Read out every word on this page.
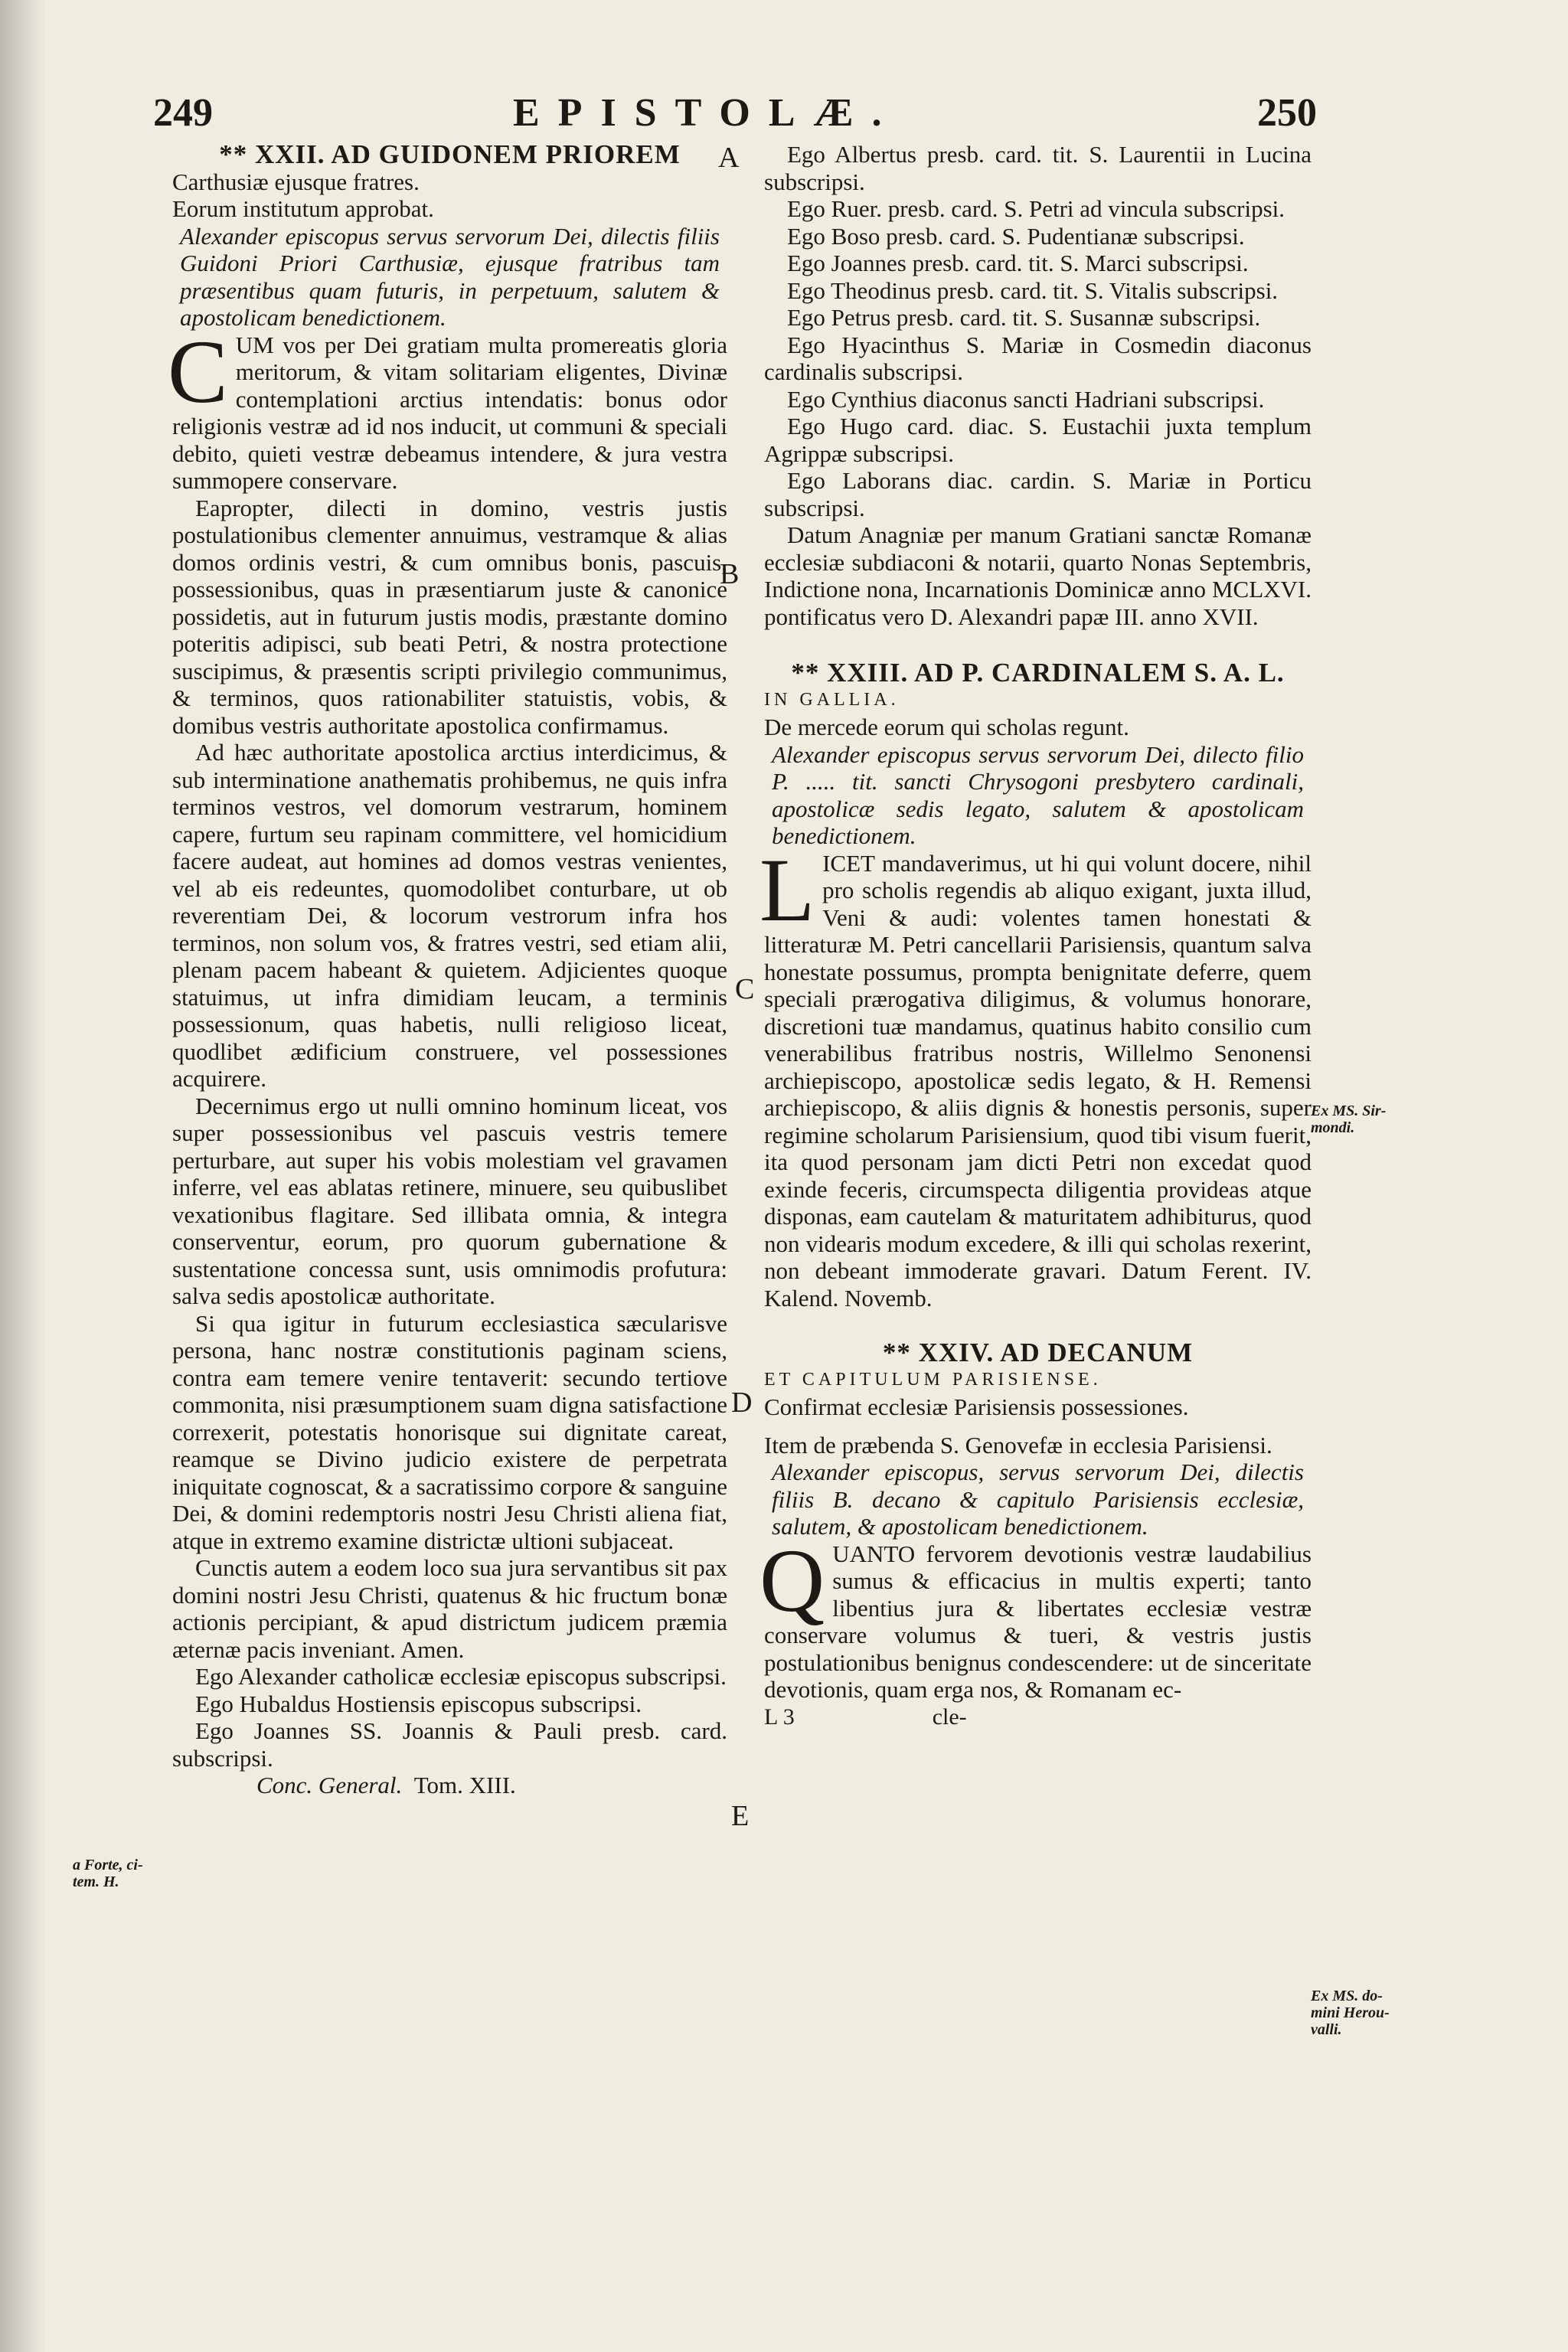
249	EPISTOLÆ.	250
A
B
C
D
E
a Forte, ci- tem. H.
Ex MS. Sir- mondi.
Ex MS. do- mini Herou- valli.

** XXII. AD GUIDONEM PRIOREM

Carthusiæ ejusque fratres.

Eorum institutum approbat.

Alexander episcopus servus servorum Dei, dilectis filiis Guidoni Priori Carthusiæ, ejusque fratribus tam præsentibus quam futuris, in perpetuum, salutem & apostolicam benedictionem.

CUM vos per Dei gratiam multa promereatis gloria meritorum, & vitam solitariam eligentes, Divinæ contemplationi arctius intendatis: bonus odor religionis vestræ ad id nos inducit, ut communi & speciali debito, quieti vestræ debeamus intendere, & jura vestra summopere conservare.

Eapropter, dilecti in domino, vestris justis postulationibus clementer annuimus, vestramque & alias domos ordinis vestri, & cum omnibus bonis, pascuis, possessionibus, quas in præsentiarum juste & canonice possidetis, aut in futurum justis modis, præstante domino poteritis adipisci, sub beati Petri, & nostra protectione suscipimus, & præsentis scripti privilegio communimus, & terminos, quos rationabiliter statuistis, vobis, & domibus vestris authoritate apostolica confirmamus.

Ad hæc authoritate apostolica arctius interdicimus, & sub interminatione anathematis prohibemus, ne quis infra terminos vestros, vel domorum vestrarum, hominem capere, furtum seu rapinam committere, vel homicidium facere audeat, aut homines ad domos vestras venientes, vel ab eis redeuntes, quomodolibet conturbare, ut ob reverentiam Dei, & locorum vestrorum infra hos terminos, non solum vos, & fratres vestri, sed etiam alii, plenam pacem habeant & quietem. Adjicientes quoque statuimus, ut infra dimidiam leucam, a terminis possessionum, quas habetis, nulli religioso liceat, quodlibet ædificium construere, vel possessiones acquirere.

Decernimus ergo ut nulli omnino hominum liceat, vos super possessionibus vel pascuis vestris temere perturbare, aut super his vobis molestiam vel gravamen inferre, vel eas ablatas retinere, minuere, seu quibuslibet vexationibus flagitare. Sed illibata omnia, & integra conserventur, eorum, pro quorum gubernatione & sustentatione concessa sunt, usis omnimodis profutura: salva sedis apostolicæ authoritate.

Si qua igitur in futurum ecclesiastica sæcularisve persona, hanc nostræ constitutionis paginam sciens, contra eam temere venire tentaverit: secundo tertiove commonita, nisi præsumptionem suam digna satisfactione correxerit, potestatis honorisque sui dignitate careat, reamque se Divino judicio existere de perpetrata iniquitate cognoscat, & a sacratissimo corpore & sanguine Dei, & domini redemptoris nostri Jesu Christi aliena fiat, atque in extremo examine districtæ ultioni subjaceat.

Cunctis autem a eodem loco sua jura servantibus sit pax domini nostri Jesu Christi, quatenus & hic fructum bonæ actionis percipiant, & apud districtum judicem præmia æternæ pacis inveniant. Amen.

Ego Alexander catholicæ ecclesiæ episcopus subscripsi.

Ego Hubaldus Hostiensis episcopus subscripsi.

Ego Joannes SS. Joannis & Pauli presb. card. subscripsi.

Conc. General. Tom. XIII.

Ego Albertus presb. card. tit. S. Laurentii in Lucina subscripsi.

Ego Ruer. presb. card. S. Petri ad vincula subscripsi.

Ego Boso presb. card. S. Pudentianæ subscripsi.

Ego Joannes presb. card. tit. S. Marci subscripsi.

Ego Theodinus presb. card. tit. S. Vitalis subscripsi.

Ego Petrus presb. card. tit. S. Susannæ subscripsi.

Ego Hyacinthus S. Mariæ in Cosmedin diaconus cardinalis subscripsi.

Ego Cynthius diaconus sancti Hadriani subscripsi.

Ego Hugo card. diac. S. Eustachii juxta templum Agrippæ subscripsi.

Ego Laborans diac. cardin. S. Mariæ in Porticu subscripsi.

Datum Anagniæ per manum Gratiani sanctæ Romanæ ecclesiæ subdiaconi & notarii, quarto Nonas Septembris, Indictione nona, Incarnationis Dominicæ anno MCLXVI. pontificatus vero D. Alexandri papæ III. anno XVII.

** XXIII. AD P. CARDINALEM S. A. L.

IN GALLIA.

De mercede eorum qui scholas regunt.

Alexander episcopus servus servorum Dei, dilecto filio P. ..... tit. sancti Chrysogoni presbytero cardinali, apostolicæ sedis legato, salutem & apostolicam benedictionem.

LICET mandaverimus, ut hi qui volunt docere, nihil pro scholis regendis ab aliquo exigant, juxta illud, Veni & audi: volentes tamen honestati & litteraturæ M. Petri cancellarii Parisiensis, quantum salva honestate possumus, prompta benignitate deferre, quem speciali prærogativa diligimus, & volumus honorare, discretioni tuæ mandamus, quatinus habito consilio cum venerabilibus fratribus nostris, Willelmo Senonensi archiepiscopo, apostolicæ sedis legato, & H. Remensi archiepiscopo, & aliis dignis & honestis personis, super regimine scholarum Parisiensium, quod tibi visum fuerit, ita quod personam jam dicti Petri non excedat quod exinde feceris, circumspecta diligentia provideas atque disponas, eam cautelam & maturitatem adhibiturus, quod non videaris modum excedere, & illi qui scholas rexerint, non debeant immoderate gravari. Datum Ferent. IV. Kalend. Novemb.

** XXIV. AD DECANUM

ET CAPITULUM PARISIENSE.

Confirmat ecclesiæ Parisiensis possessiones.

Item de præbenda S. Genovefæ in ecclesia Parisiensi.

Alexander episcopus, servus servorum Dei, dilectis filiis B. decano & capitulo Parisiensis ecclesiæ, salutem, & apostolicam benedictionem.

QUANTO fervorem devotionis vestræ laudabilius sumus & efficacius in multis experti; tanto libentius jura & libertates ecclesiæ vestræ conservare volumus & tueri, & vestris justis postulationibus benignus condescendere: ut de sinceritate devotionis, quam erga nos, & Romanam ec-

L 3	cle-
